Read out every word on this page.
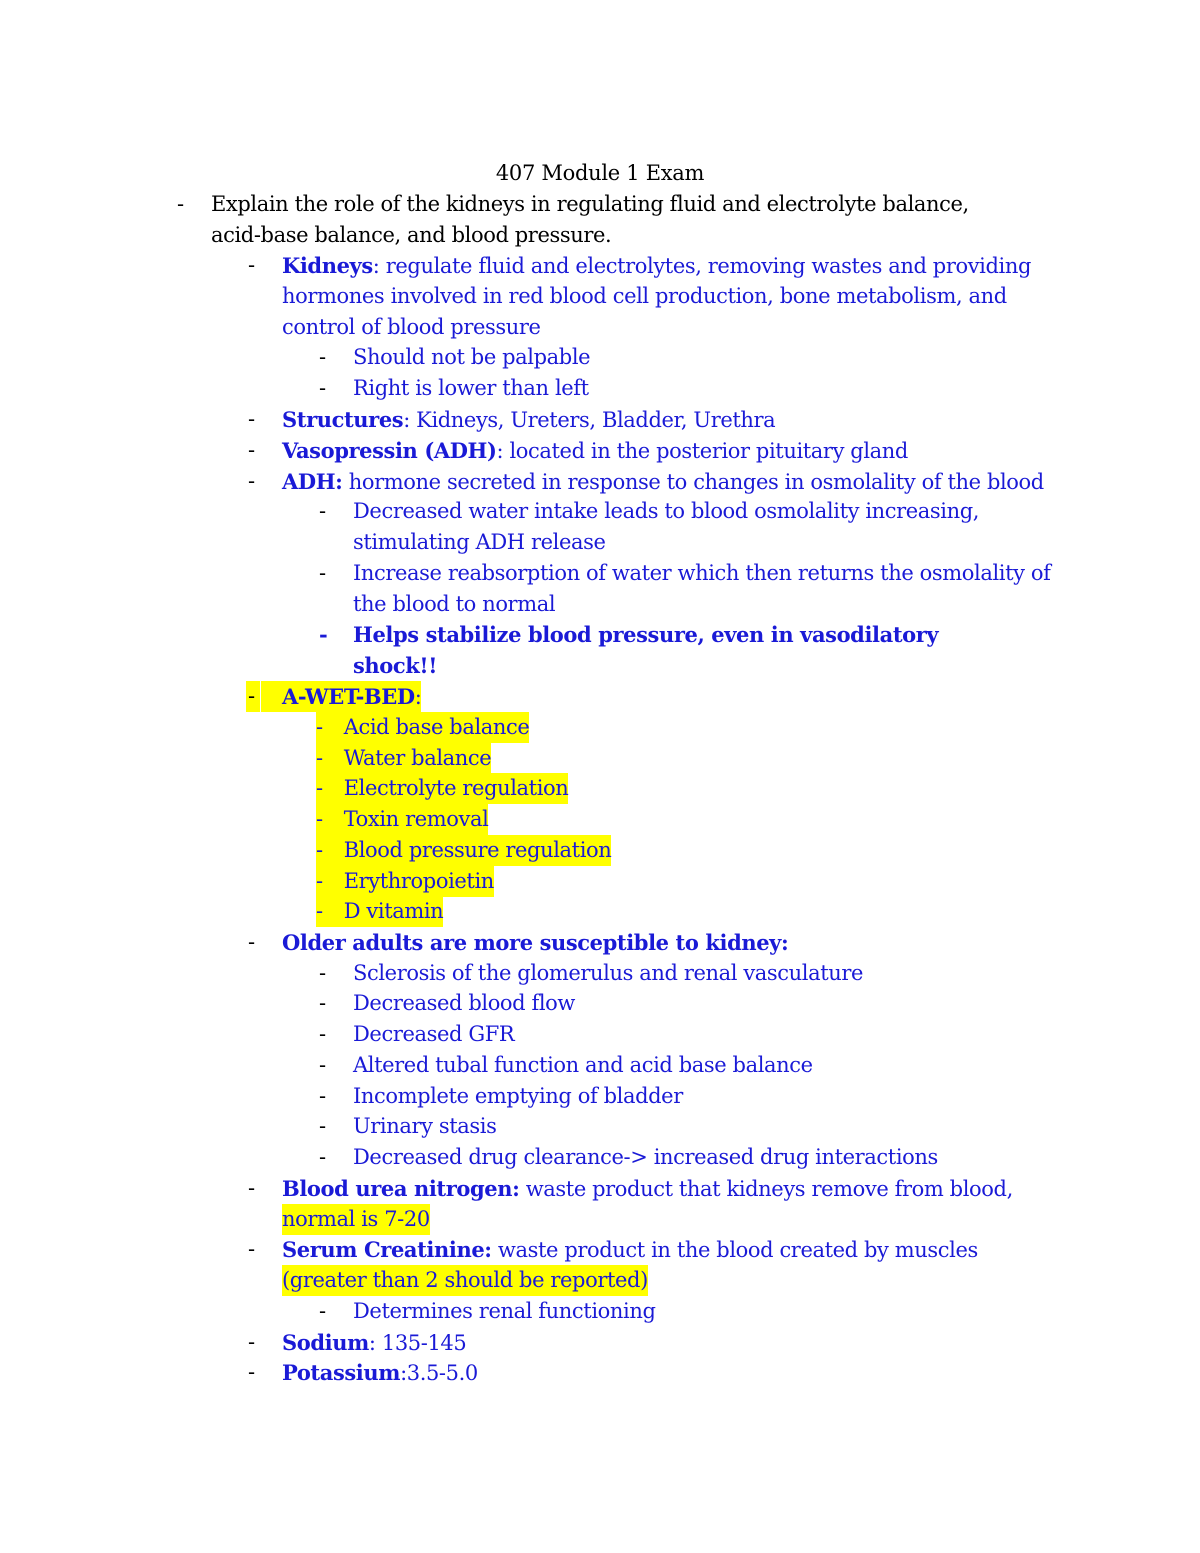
407 Module 1 Exam
- Explain the role of the kidneys in regulating fluid and electrolyte balance,
acid-base balance, and blood pressure.
- Kidneys: regulate fluid and electrolytes, removing wastes and providing
hormones involved in red blood cell production, bone metabolism, and
control of blood pressure
- Should not be palpable
- Right is lower than left
- Structures: Kidneys, Ureters, Bladder, Urethra
- Vasopressin (ADH): located in the posterior pituitary gland
- ADH: hormone secreted in response to changes in osmolality of the blood
- Decreased water intake leads to blood osmolality increasing,
stimulating ADH release
- Increase reabsorption of water which then returns the osmolality of
the blood to normal
- Helps stabilize blood pressure, even in vasodilatory
shock!!
-	A-WET-BED:
- Acid base balance
- Water balance
- Electrolyte regulation
- Toxin removal
- Blood pressure regulation
- Erythropoietin
- D vitamin
- Older adults are more susceptible to kidney:
- Sclerosis of the glomerulus and renal vasculature
- Decreased blood flow
- Decreased GFR
- Altered tubal function and acid base balance
- Incomplete emptying of bladder
- Urinary stasis
- Decreased drug clearance-> increased drug interactions
- Blood urea nitrogen: waste product that kidneys remove from blood,
normal is 7-20
- Serum Creatinine: waste product in the blood created by muscles
(greater than 2 should be reported)
- Determines renal functioning
- Sodium: 135-145
- Potassium:3.5-5.0
